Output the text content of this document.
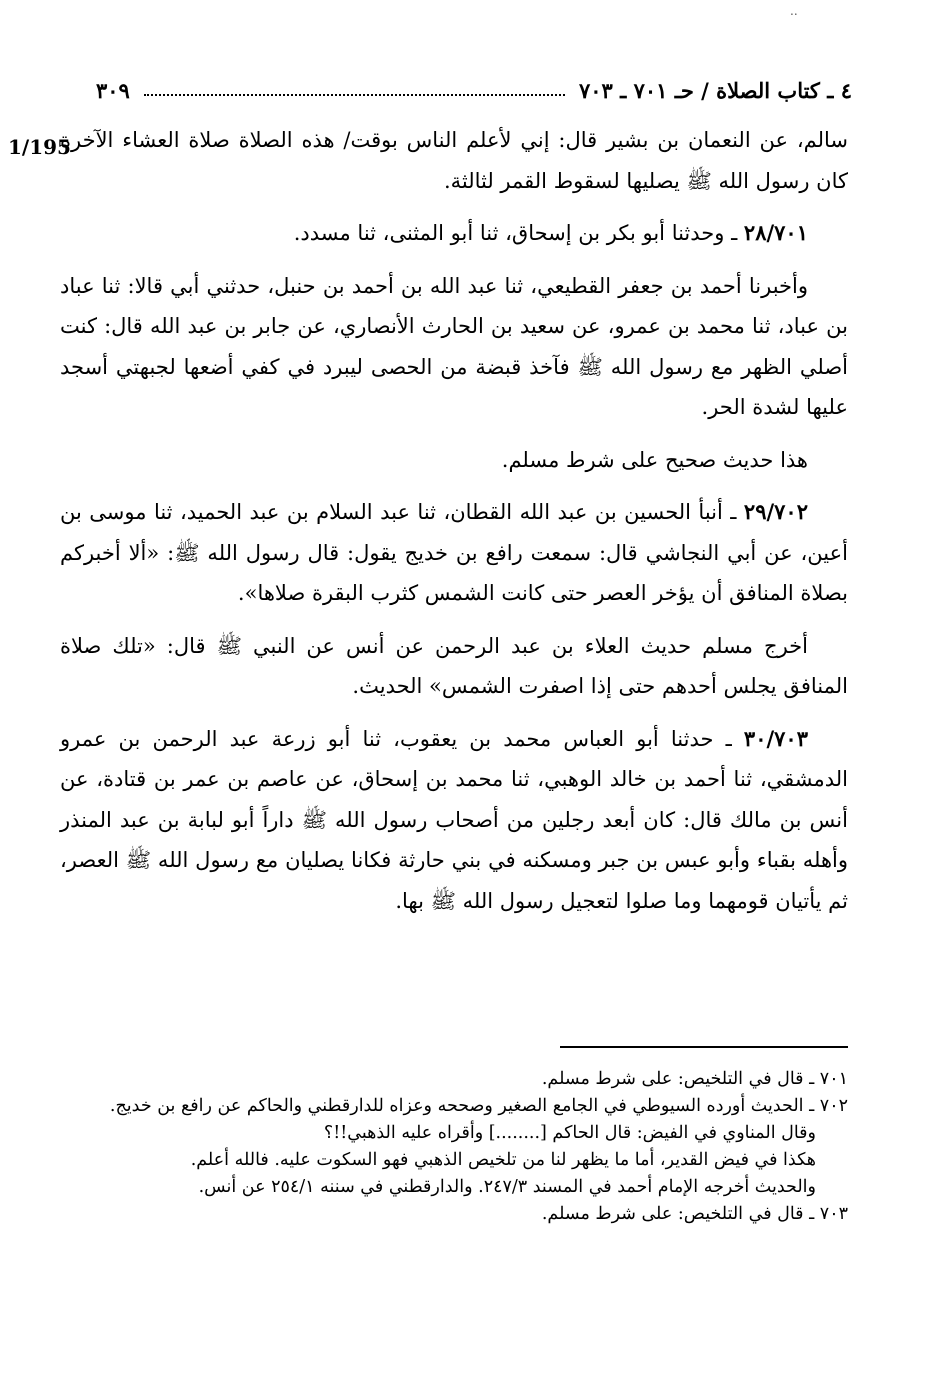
..
٤ ـ كتاب الصلاة / حـ ٧٠١ ـ ٧٠٣
٣٠٩
1/195

سالم، عن النعمان بن بشير قال: إني لأعلم الناس بوقت/ هذه الصلاة صلاة العشاء الآخرة كان رسول الله ﷺ يصليها لسقوط القمر لثالثة.

٢٨/٧٠١ ـ وحدثنا أبو بكر بن إسحاق، ثنا أبو المثنى، ثنا مسدد.

وأخبرنا أحمد بن جعفر القطيعي، ثنا عبد الله بن أحمد بن حنبل، حدثني أبي قالا: ثنا عباد بن عباد، ثنا محمد بن عمرو، عن سعيد بن الحارث الأنصاري، عن جابر بن عبد الله قال: كنت أصلي الظهر مع رسول الله ﷺ فآخذ قبضة من الحصى ليبرد في كفي أضعها لجبهتي أسجد عليها لشدة الحر.

هذا حديث صحيح على شرط مسلم.

٢٩/٧٠٢ ـ أنبأ الحسين بن عبد الله القطان، ثنا عبد السلام بن عبد الحميد، ثنا موسى بن أعين، عن أبي النجاشي قال: سمعت رافع بن خديج يقول: قال رسول الله ﷺ: «ألا أخبركم بصلاة المنافق أن يؤخر العصر حتى كانت الشمس كثرب البقرة صلاها».

أخرج مسلم حديث العلاء بن عبد الرحمن عن أنس عن النبي ﷺ قال: «تلك صلاة المنافق يجلس أحدهم حتى إذا اصفرت الشمس» الحديث.

٣٠/٧٠٣ ـ حدثنا أبو العباس محمد بن يعقوب، ثنا أبو زرعة عبد الرحمن بن عمرو الدمشقي، ثنا أحمد بن خالد الوهبي، ثنا محمد بن إسحاق، عن عاصم بن عمر بن قتادة، عن أنس بن مالك قال: كان أبعد رجلين من أصحاب رسول الله ﷺ داراً أبو لبابة بن عبد المنذر وأهله بقباء وأبو عبس بن جبر ومسكنه في بني حارثة فكانا يصليان مع رسول الله ﷺ العصر، ثم يأتيان قومهما وما صلوا لتعجيل رسول الله ﷺ بها.

٧٠١ ـ قال في التلخيص: على شرط مسلم.

٧٠٢ ـ الحديث أورده السيوطي في الجامع الصغير وصححه وعزاه للدارقطني والحاكم عن رافع بن خديج.

وقال المناوي في الفيض: قال الحاكم [........] وأقراه عليه الذهبي!!؟

هكذا في فيض القدير، أما ما يظهر لنا من تلخيص الذهبي فهو السكوت عليه. فالله أعلم.

والحديث أخرجه الإمام أحمد في المسند ٢٤٧/٣. والدارقطني في سننه ٢٥٤/١ عن أنس.

٧٠٣ ـ قال في التلخيص: على شرط مسلم.
